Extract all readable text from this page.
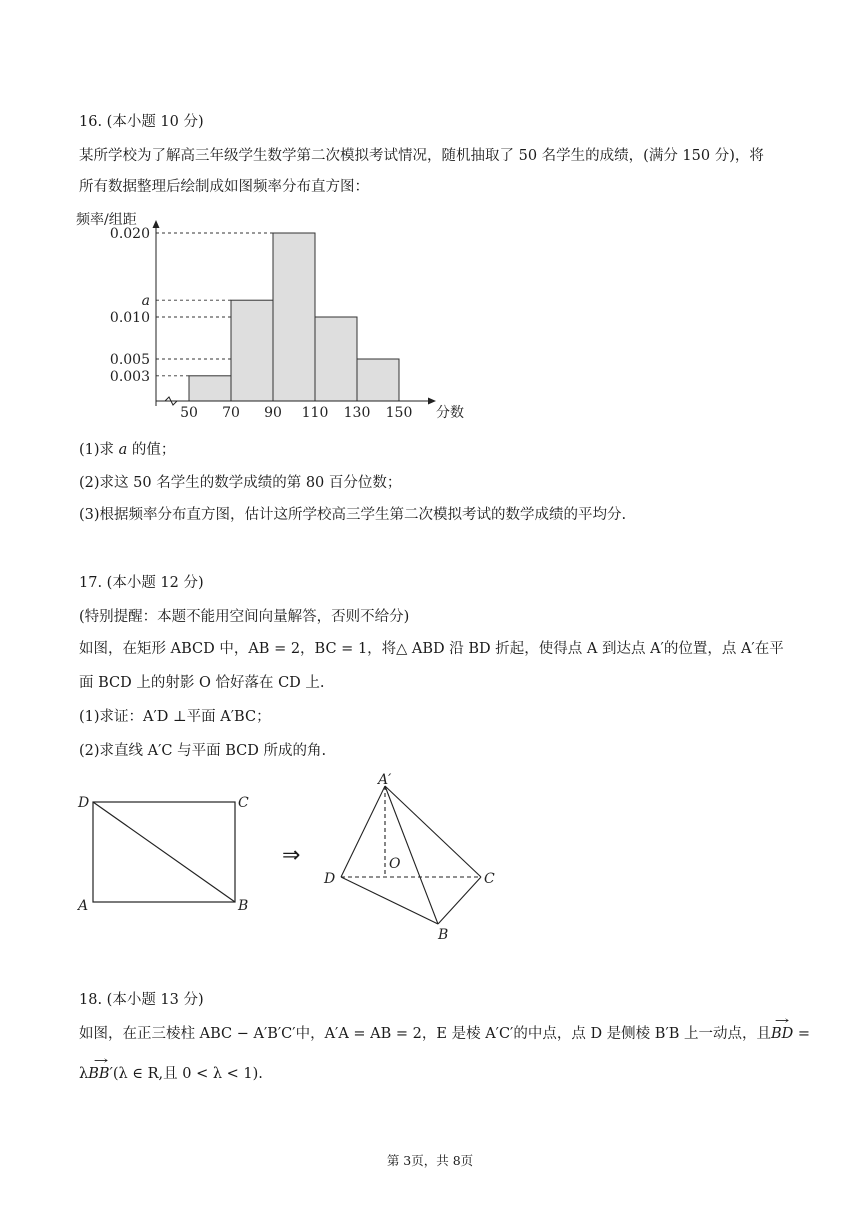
16. (本小题 10 分)

某所学校为了解高三年级学生数学第二次模拟考试情况，随机抽取了 50 名学生的成绩，(满分 150 分)，将

所有数据整理后绘制成如图频率分布直方图：

0.003
0.005
0.010
a
0.020
50 70 90 110 130 150
频率/组距
分数

(1)求 a 的值；

(2)求这 50 名学生的数学成绩的第 80 百分位数；

(3)根据频率分布直方图，估计这所学校高三学生第二次模拟考试的数学成绩的平均分.

17. (本小题 12 分)

(特别提醒：本题不能用空间向量解答，否则不给分)

如图，在矩形 ABCD 中，AB = 2，BC = 1，将△ ABD 沿 BD 折起，使得点 A 到达点 A′的位置，点 A′在平

面 BCD 上的射影 O 恰好落在 CD 上.

(1)求证：A′D ⊥平面 A′BC；

(2)求直线 A′C 与平面 BCD 所成的角.

D	C
A	B
⇒
A′
O
D	C
B

18. (本小题 13 分)

如图，在正三棱柱 ABC − A′B′C′中，A′A = AB = 2，E 是棱 A′C′的中点，点 D 是侧棱 B′B 上一动点，且→ BD =

λ→ BB′(λ ∈ R,且 0 < λ < 1).

第 3页，共 8页
